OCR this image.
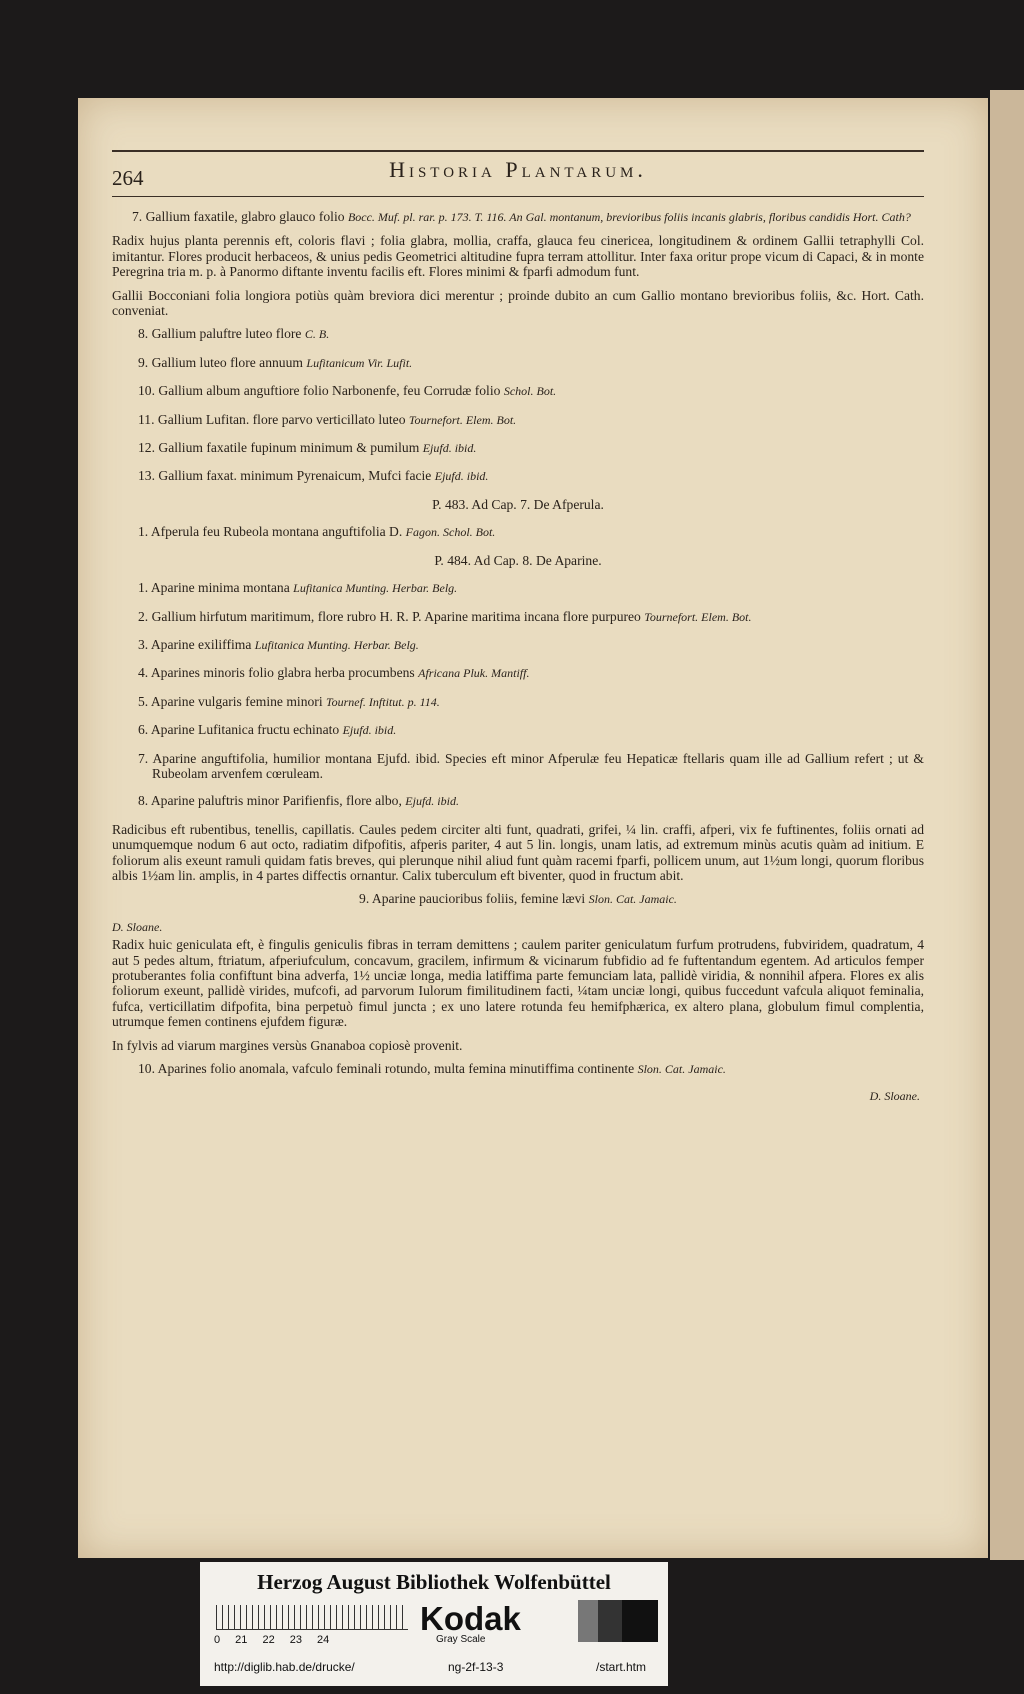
264	Historia Plantarum.

7. Gallium faxatile, glabro glauco folio Bocc. Muf. pl. rar. p. 173. T. 116. An Gal. montanum, brevioribus foliis incanis glabris, floribus candidis Hort. Cath?

Radix hujus planta perennis eft, coloris flavi ; folia glabra, mollia, craffa, glauca feu cinericea, longitudinem & ordinem Gallii tetraphylli Col. imitantur. Flores producit herbaceos, & unius pedis Geometrici altitudine fupra terram attollitur. Inter faxa oritur prope vicum di Capaci, & in monte Peregrina tria m. p. à Panormo diftante inventu facilis eft. Flores minimi & fparfi admodum funt.

Gallii Bocconiani folia longiora potiùs quàm breviora dici merentur ; proinde dubito an cum Gallio montano brevioribus foliis, &c. Hort. Cath. conveniat.

8. Gallium paluftre luteo flore C. B.

9. Gallium luteo flore annuum Lufitanicum Vir. Lufit.

10. Gallium album anguftiore folio Narbonenfe, feu Corrudæ folio Schol. Bot.

11. Gallium Lufitan. flore parvo verticillato luteo Tournefort. Elem. Bot.

12. Gallium faxatile fupinum minimum & pumilum Ejufd. ibid.

13. Gallium faxat. minimum Pyrenaicum, Mufci facie Ejufd. ibid.

P. 483. Ad Cap. 7. De Afperula.

1. Afperula feu Rubeola montana anguftifolia D. Fagon. Schol. Bot.

P. 484. Ad Cap. 8. De Aparine.

1. Aparine minima montana Lufitanica Munting. Herbar. Belg.

2. Gallium hirfutum maritimum, flore rubro H. R. P. Aparine maritima incana flore purpureo Tournefort. Elem. Bot.

3. Aparine exiliffima Lufitanica Munting. Herbar. Belg.

4. Aparines minoris folio glabra herba procumbens Africana Pluk. Mantiff.

5. Aparine vulgaris femine minori Tournef. Inftitut. p. 114.

6. Aparine Lufitanica fructu echinato Ejufd. ibid.

7. Aparine anguftifolia, humilior montana Ejufd. ibid. Species eft minor Afperulæ feu Hepaticæ ftellaris quam ille ad Gallium refert ; ut & Rubeolam arvenfem cœruleam.

8. Aparine paluftris minor Parifienfis, flore albo, Ejufd. ibid.

Radicibus eft rubentibus, tenellis, capillatis. Caules pedem circiter alti funt, quadrati, grifei, ¼ lin. craffi, afperi, vix fe fuftinentes, foliis ornati ad unumquemque nodum 6 aut octo, radiatim difpofitis, afperis pariter, 4 aut 5 lin. longis, unam latis, ad extremum minùs acutis quàm ad initium. E foliorum alis exeunt ramuli quidam fatis breves, qui plerunque nihil aliud funt quàm racemi fparfi, pollicem unum, aut 1½um longi, quorum floribus albis 1½am lin. amplis, in 4 partes diffectis ornantur. Calix tuberculum eft biventer, quod in fructum abit.

9. Aparine paucioribus foliis, femine lævi Slon. Cat. Jamaic.

D. Sloane.

Radix huic geniculata eft, è fingulis geniculis fibras in terram demittens ; caulem pariter geniculatum furfum protrudens, fubviridem, quadratum, 4 aut 5 pedes altum, ftriatum, afperiufculum, concavum, gracilem, infirmum & vicinarum fubfidio ad fe fuftentandum egentem. Ad articulos femper protuberantes folia confiftunt bina adverfa, 1½ unciæ longa, media latiffima parte femunciam lata, pallidè viridia, & nonnihil afpera. Flores ex alis foliorum exeunt, pallidè virides, mufcofi, ad parvorum Iulorum fimilitudinem facti, ¼tam unciæ longi, quibus fuccedunt vafcula aliquot feminalia, fufca, verticillatim difpofita, bina perpetuò fimul juncta ; ex uno latere rotunda feu hemifphærica, ex altero plana, globulum fimul complentia, utrumque femen continens ejufdem figuræ.

In fylvis ad viarum margines versùs Gnanaboa copiosè provenit.

10. Aparines folio anomala, vafculo feminali rotundo, multa femina minutiffima continente Slon. Cat. Jamaic.

D. Sloane.

Herzog August Bibliothek Wolfenbüttel
0 21 22 23 24
Kodak
Gray Scale
http://diglib.hab.de/drucke/	ng-2f-13-3	/start.htm
